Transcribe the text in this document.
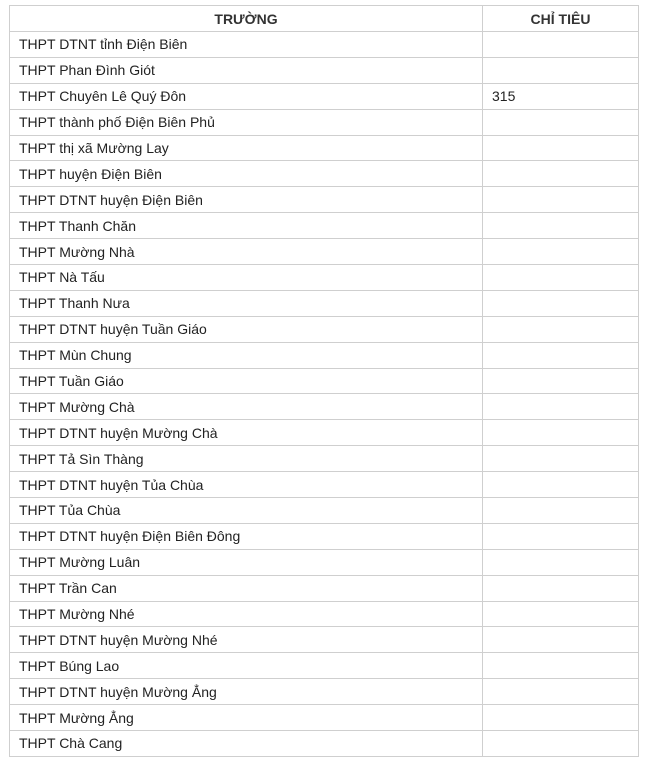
TRƯỜNG	CHỈ TIÊU
THPT DTNT tỉnh Điện Biên	
THPT Phan Đình Giót	
THPT Chuyên Lê Quý Đôn	315
THPT thành phố Điện Biên Phủ	
THPT thị xã Mường Lay	
THPT huyện Điện Biên	
THPT DTNT huyện Điện Biên	
THPT Thanh Chăn	
THPT Mường Nhà	
THPT Nà Tấu	
THPT Thanh Nưa	
THPT DTNT huyện Tuần Giáo	
THPT Mùn Chung	
THPT Tuần Giáo	
THPT Mường Chà	
THPT DTNT huyện Mường Chà	
THPT Tả Sìn Thàng	
THPT DTNT huyện Tủa Chùa	
THPT Tủa Chùa	
THPT DTNT huyện Điện Biên Đông	
THPT Mường Luân	
THPT Trần Can	
THPT Mường Nhé	
THPT DTNT huyện Mường Nhé	
THPT Búng Lao	
THPT DTNT huyện Mường Ẳng	
THPT Mường Ẳng	
THPT Chà Cang	
